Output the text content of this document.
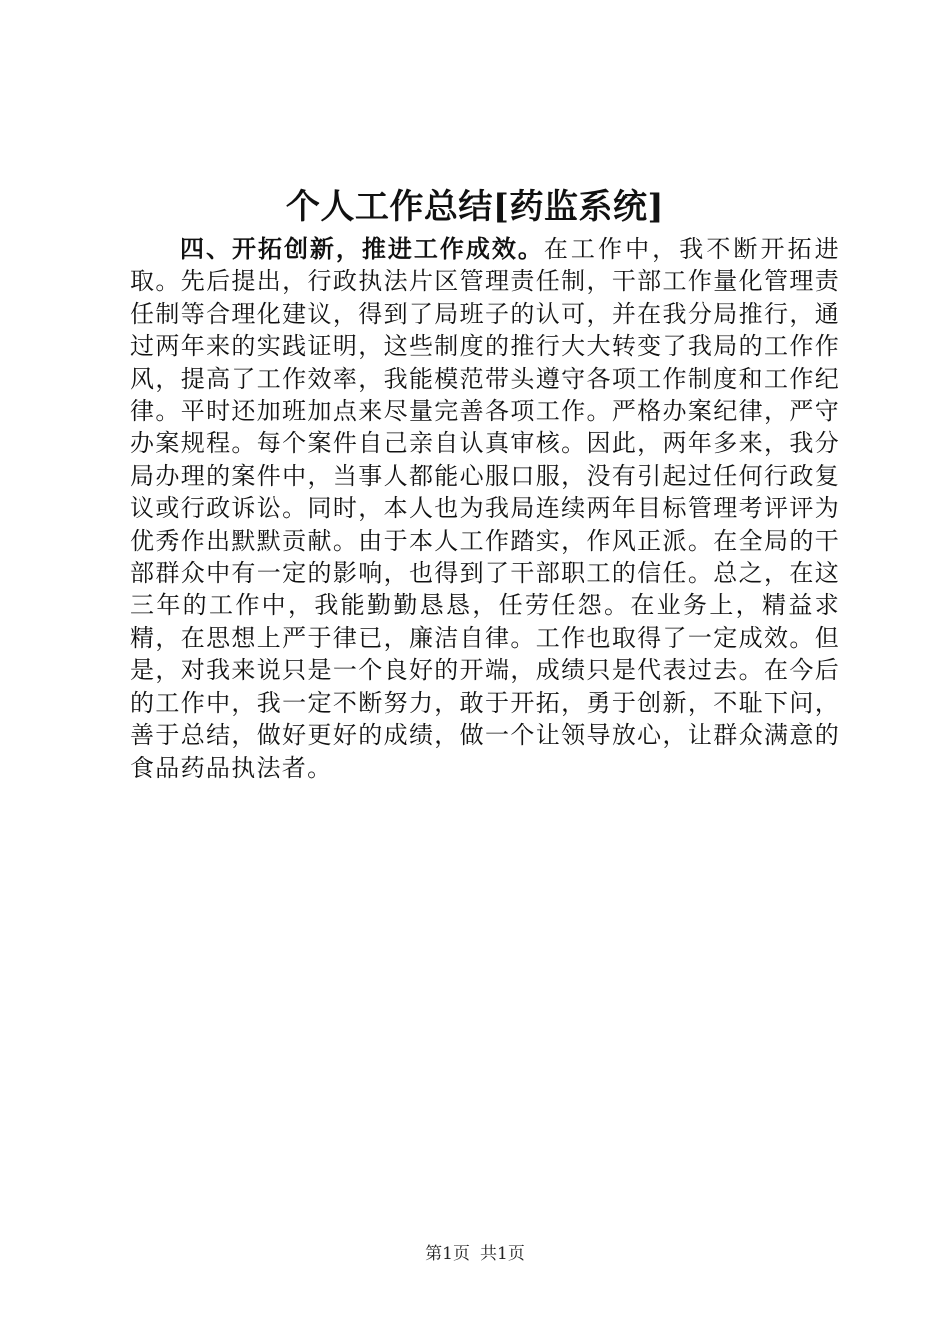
个人工作总结[药监系统]

四、开拓创新，推进工作成效。在工作中，我不断开拓进取。先后提出，行政执法片区管理责任制，干部工作量化管理责任制等合理化建议，得到了局班子的认可，并在我分局推行，通过两年来的实践证明，这些制度的推行大大转变了我局的工作作风，提高了工作效率，我能模范带头遵守各项工作制度和工作纪律。平时还加班加点来尽量完善各项工作。严格办案纪律，严守办案规程。每个案件自己亲自认真审核。因此，两年多来，我分局办理的案件中，当事人都能心服口服，没有引起过任何行政复议或行政诉讼。同时，本人也为我局连续两年目标管理考评评为优秀作出默默贡献。由于本人工作踏实，作风正派。在全局的干部群众中有一定的影响，也得到了干部职工的信任。总之，在这三年的工作中，我能勤勤恳恳，任劳任怨。在业务上，精益求精，在思想上严于律已，廉洁自律。工作也取得了一定成效。但是，对我来说只是一个良好的开端，成绩只是代表过去。在今后的工作中，我一定不断努力，敢于开拓，勇于创新，不耻下问，善于总结，做好更好的成绩，做一个让领导放心，让群众满意的食品药品执法者。

第1页 共1页
